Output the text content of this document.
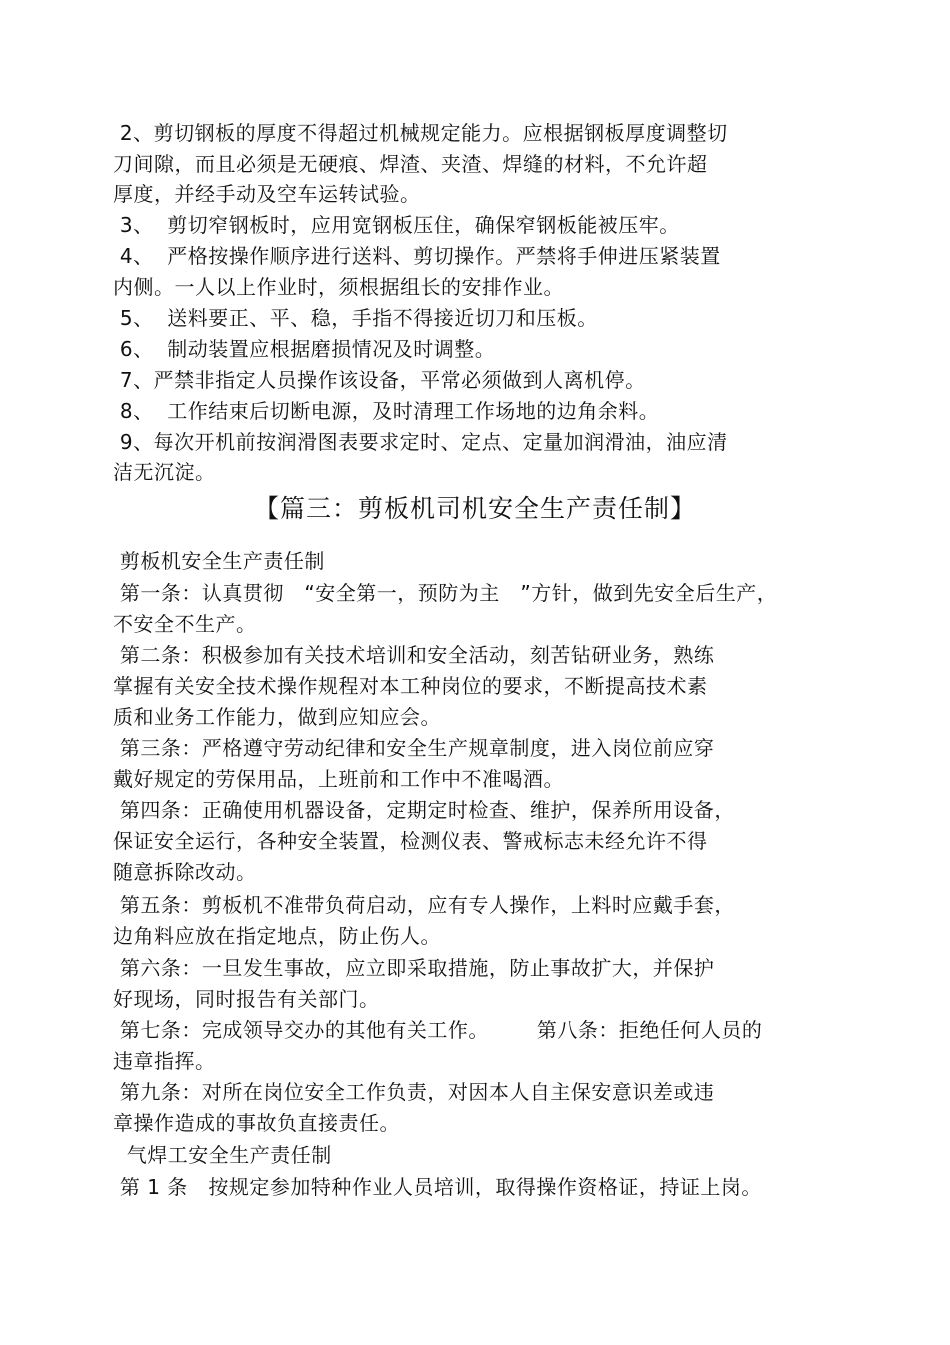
2、剪切钢板的厚度不得超过机械规定能力。应根据钢板厚度调整切
刀间隙，而且必须是无硬痕、焊渣、夹渣、焊缝的材料，不允许超
厚度，并经手动及空车运转试验。
3、  剪切窄钢板时，应用宽钢板压住，确保窄钢板能被压牢。
4、  严格按操作顺序进行送料、剪切操作。严禁将手伸进压紧装置
内侧。一人以上作业时，须根据组长的安排作业。
5、  送料要正、平、稳，手指不得接近切刀和压板。
6、  制动装置应根据磨损情况及时调整。
7、严禁非指定人员操作该设备，平常必须做到人离机停。
8、  工作结束后切断电源，及时清理工作场地的边角余料。
9、每次开机前按润滑图表要求定时、定点、定量加润滑油，油应清
洁无沉淀。
【篇三：剪板机司机安全生产责任制】
剪板机安全生产责任制
第一条：认真贯彻   “安全第一，预防为主   ”方针，做到先安全后生产，
不安全不生产。
第二条：积极参加有关技术培训和安全活动，刻苦钻研业务，熟练
掌握有关安全技术操作规程对本工种岗位的要求，不断提高技术素
质和业务工作能力，做到应知应会。
第三条：严格遵守劳动纪律和安全生产规章制度，进入岗位前应穿
戴好规定的劳保用品，上班前和工作中不准喝酒。
第四条：正确使用机器设备，定期定时检查、维护，保养所用设备，
保证安全运行，各种安全装置，检测仪表、警戒标志未经允许不得
随意拆除改动。
第五条：剪板机不准带负荷启动，应有专人操作，上料时应戴手套，
边角料应放在指定地点，防止伤人。
第六条：一旦发生事故，应立即采取措施，防止事故扩大，并保护
好现场，同时报告有关部门。
第七条：完成领导交办的其他有关工作。       第八条：拒绝任何人员的
违章指挥。
第九条：对所在岗位安全工作负责，对因本人自主保安意识差或违
章操作造成的事故负直接责任。
气焊工安全生产责任制
第 1 条   按规定参加特种作业人员培训，取得操作资格证，持证上岗。
